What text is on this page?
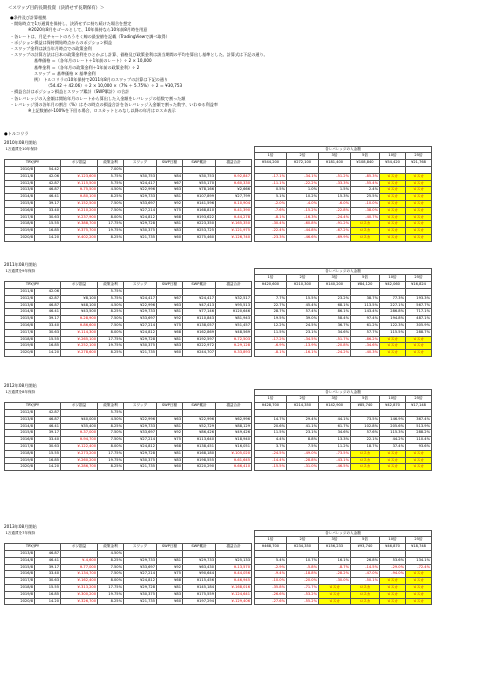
＜スワップ目的長期投資（決済せず長期保有）＞
●条件及び計算根拠
・開始時点で1万通貨を保持し、決済せずに持ち続けた場合を想定
※2020年8月をゴールとして、10年保持なら10年前8月時を用意
・各レートは、月足チャートのろうそく線の最安値を記載（TradingViewで調べ取得）
・ポジション損益は保持開始時点からのポジション損益
・スワップ金利は該当年月時点での政策金利
・スワップの計算方法は日本の政策金利をひとかぶし計算、価格及び政策金利は該当期間の平均を算出し基準とした。計算式は下記の通り。
基準価格 ＝（各年月のレート＋1年前のレート）÷ 2 × 10,000
基準金利 ＝（各年月の政策金利＋1年前の政策金利）÷ 2
スワップ ＝ 基準価格 × 基準金利
例） トルコリラの10年保持で2011年8月のスワップの計算は下記の通り
（54.42 ＋ 42.06）÷ 2 × 10,000 ×（7% ＋ 5.75%）÷ 2 ＝ ¥30,753
・損益合計はポジション損益とスワップ累計（SWP累計）の合計
・各レバレッジの入金額は開始年月のレートから算出した入金額をレバレッジの倍数で割った額
・レバレッジ別の各年月の割合（%）はその時点の損益合計を各レバレッジ入金額で割った数字、いわゆる利益率
※上記数値が-100%を下回る場合、ロスカットとみなし以降の年月はロスカ表示
●トルコリラ
2010年08月開始
1万通貨を10年保持									各レバレッジの入金額					
									1倍	2倍	3倍	5倍	10倍	25倍
TRY/JPY		ポジ損益	政策金利	スワップ	SWP日額	SWP累計	損益合計		¥544,200	¥272,100	¥181,400	¥108,840	¥54,420	¥21,768
2010/8	54.42		7.00%											
2011/8	42.06	¥-123,600	5.75%	¥30,753	¥84	¥30,753	¥-92,847		-17.1%	-34.1%	-51.2%	-85.3%	ロスカ	ロスカ
2012/8	42.87	¥-115,500	5.75%	¥24,417	¥67	¥55,170	¥-60,330		-11.1%	-22.2%	-33.3%	-55.4%	ロスカ	ロスカ
2013/8	46.87	¥-75,500	4.50%	¥22,996	¥63	¥78,166	¥2,666		0.5%	1.0%	1.5%	2.4%	ロスカ	ロスカ
2014/8	46.41	¥-80,100	8.25%	¥29,733	¥81	¥107,899	¥27,799		5.1%	10.2%	15.3%	25.5%	ロスカ	ロスカ
2015/8	39.17	¥-152,500	7.50%	¥33,697	¥92	¥141,596	¥-10,904		-2.0%	-4.0%	-6.0%	-10.0%	ロスカ	ロスカ
2016/8	33.40	¥-210,200	7.50%	¥27,214	¥75	¥168,810	¥-41,390		-7.6%	-15.2%	-22.8%	-38.0%	ロスカ	ロスカ
2017/8	30.63	¥-237,900	8.00%	¥24,812	¥68	¥193,622	¥-44,278		-8.1%	-16.3%	-24.4%	-40.7%	ロスカ	ロスカ
2018/8	15.55	¥-388,700	17.75%	¥29,728	¥81	¥223,350	¥-165,350		-30.4%	-60.8%	-91.2%	ロスカ	ロスカ	ロスカ
2019/8	16.85	¥-375,700	19.75%	¥30,375	¥83	¥253,725	¥-121,975		-22.4%	-44.8%	-67.2%	ロスカ	ロスカ	ロスカ
2020/8	14.20	¥-402,200	8.25%	¥21,735	¥60	¥275,460	¥-126,740		-23.3%	-46.6%	-69.9%	ロスカ	ロスカ	ロスカ
2011年08月開始
1万通貨を9年保持									各レバレッジの入金額					
									1倍	2倍	3倍	5倍	10倍	25倍
TRY/JPY		ポジ損益	政策金利	スワップ	SWP日額	SWP累計	損益合計		¥420,600	¥210,300	¥140,200	¥84,120	¥42,060	¥16,824
2011/8	42.06		5.75%											
2012/8	42.87	¥8,100	5.75%	¥24,417	¥67	¥24,417	¥32,517		7.7%	15.5%	23.2%	38.7%	77.3%	193.3%
2013/8	46.87	¥48,100	4.50%	¥22,996	¥63	¥47,413	¥95,513		22.7%	45.4%	68.1%	113.5%	227.1%	567.7%
2014/8	46.41	¥43,500	8.25%	¥29,733	¥81	¥77,146	¥120,646		28.7%	57.4%	86.1%	143.4%	286.8%	717.1%
2015/8	39.17	¥-28,900	7.50%	¥33,697	¥92	¥110,843	¥81,943		19.5%	39.0%	58.4%	97.4%	194.8%	487.1%
2016/8	33.40	¥-86,600	7.50%	¥27,214	¥75	¥138,057	¥51,457		12.2%	24.5%	36.7%	61.2%	122.3%	305.9%
2017/8	30.63	¥-114,300	8.00%	¥24,812	¥68	¥162,869	¥48,569		11.5%	23.1%	34.6%	57.7%	115.5%	288.7%
2018/8	15.55	¥-265,100	17.75%	¥29,728	¥81	¥192,597	¥-72,503		-17.2%	-34.5%	-51.7%	-86.2%	ロスカ	ロスカ
2019/8	16.85	¥-252,100	19.75%	¥30,375	¥83	¥222,972	¥-29,128		-6.9%	-13.9%	-20.8%	-34.6%	ロスカ	ロスカ
2020/8	14.20	¥-278,600	8.25%	¥21,735	¥60	¥244,707	¥-33,893		-8.1%	-16.1%	-24.2%	-40.3%	ロスカ	ロスカ
2012年08月開始
1万通貨を8年保持									各レバレッジの入金額					
									1倍	2倍	3倍	5倍	10倍	25倍
TRY/JPY		ポジ損益	政策金利	スワップ	SWP日額	SWP累計	損益合計		¥428,700	¥214,350	¥142,900	¥85,740	¥42,870	¥17,148
2012/8	42.87		5.75%											
2013/8	46.87	¥40,000	4.50%	¥22,996	¥63	¥22,996	¥62,996		14.7%	29.4%	44.1%	73.5%	146.9%	367.4%
2014/8	46.41	¥35,400	8.25%	¥29,733	¥81	¥52,729	¥88,129		20.6%	41.1%	61.7%	102.8%	205.6%	513.9%
2015/8	39.17	¥-37,000	7.50%	¥33,697	¥92	¥86,426	¥49,426		11.5%	23.1%	34.6%	57.6%	115.3%	288.2%
2016/8	33.40	¥-94,700	7.50%	¥27,214	¥75	¥113,640	¥18,940		4.4%	8.8%	13.3%	22.1%	44.2%	110.4%
2017/8	30.63	¥-122,400	8.00%	¥24,812	¥68	¥138,451	¥16,051		3.7%	7.5%	11.2%	18.7%	37.4%	93.6%
2018/8	15.55	¥-273,200	17.75%	¥29,728	¥81	¥168,180	¥-105,020		-24.5%	-49.0%	-73.5%	ロスカ	ロスカ	ロスカ
2019/8	16.85	¥-260,200	19.75%	¥30,375	¥83	¥198,555	¥-61,645		-14.4%	-28.8%	-43.1%	ロスカ	ロスカ	ロスカ
2020/8	14.20	¥-286,700	8.25%	¥21,735	¥60	¥220,290	¥-66,410		-15.5%	-31.0%	-46.5%	ロスカ	ロスカ	ロスカ
2013年08月開始
1万通貨を7年保持									各レバレッジの入金額					
									1倍	2倍	3倍	5倍	10倍	25倍
TRY/JPY		ポジ損益	政策金利	スワップ	SWP日額	SWP累計	損益合計		¥468,700	¥234,350	¥156,233	¥93,740	¥46,870	¥18,748
2013/8	46.87		4.50%											
2014/8	46.41	¥-4,600	8.25%	¥29,733	¥81	¥29,733	¥25,133		5.4%	10.7%	16.1%	26.8%	53.6%	134.1%
2015/8	39.17	¥-77,000	7.50%	¥33,697	¥92	¥63,430	¥-13,570		-2.9%	-5.8%	-8.7%	-14.5%	-29.0%	-72.4%
2016/8	33.40	¥-134,700	7.50%	¥27,214	¥75	¥90,644	¥-44,056		-9.4%	-18.8%	-28.2%	-47.0%	-94.0%	ロスカ
2017/8	30.63	¥-162,400	8.00%	¥24,812	¥68	¥115,456	¥-46,945		-10.0%	-20.0%	-30.0%	-50.1%	ロスカ	ロスカ
2018/8	15.55	¥-313,200	17.75%	¥29,728	¥81	¥145,184	¥-168,016		-35.8%	-71.7%	ロスカ	ロスカ	ロスカ	ロスカ
2019/8	16.85	¥-300,200	19.75%	¥30,375	¥83	¥175,559	¥-124,641		-26.6%	-53.2%	ロスカ	ロスカ	ロスカ	ロスカ
2020/8	14.20	¥-326,700	8.25%	¥21,735	¥60	¥197,294	¥-129,406		-27.6%	-55.2%	ロスカ	ロスカ	ロスカ	ロスカ
